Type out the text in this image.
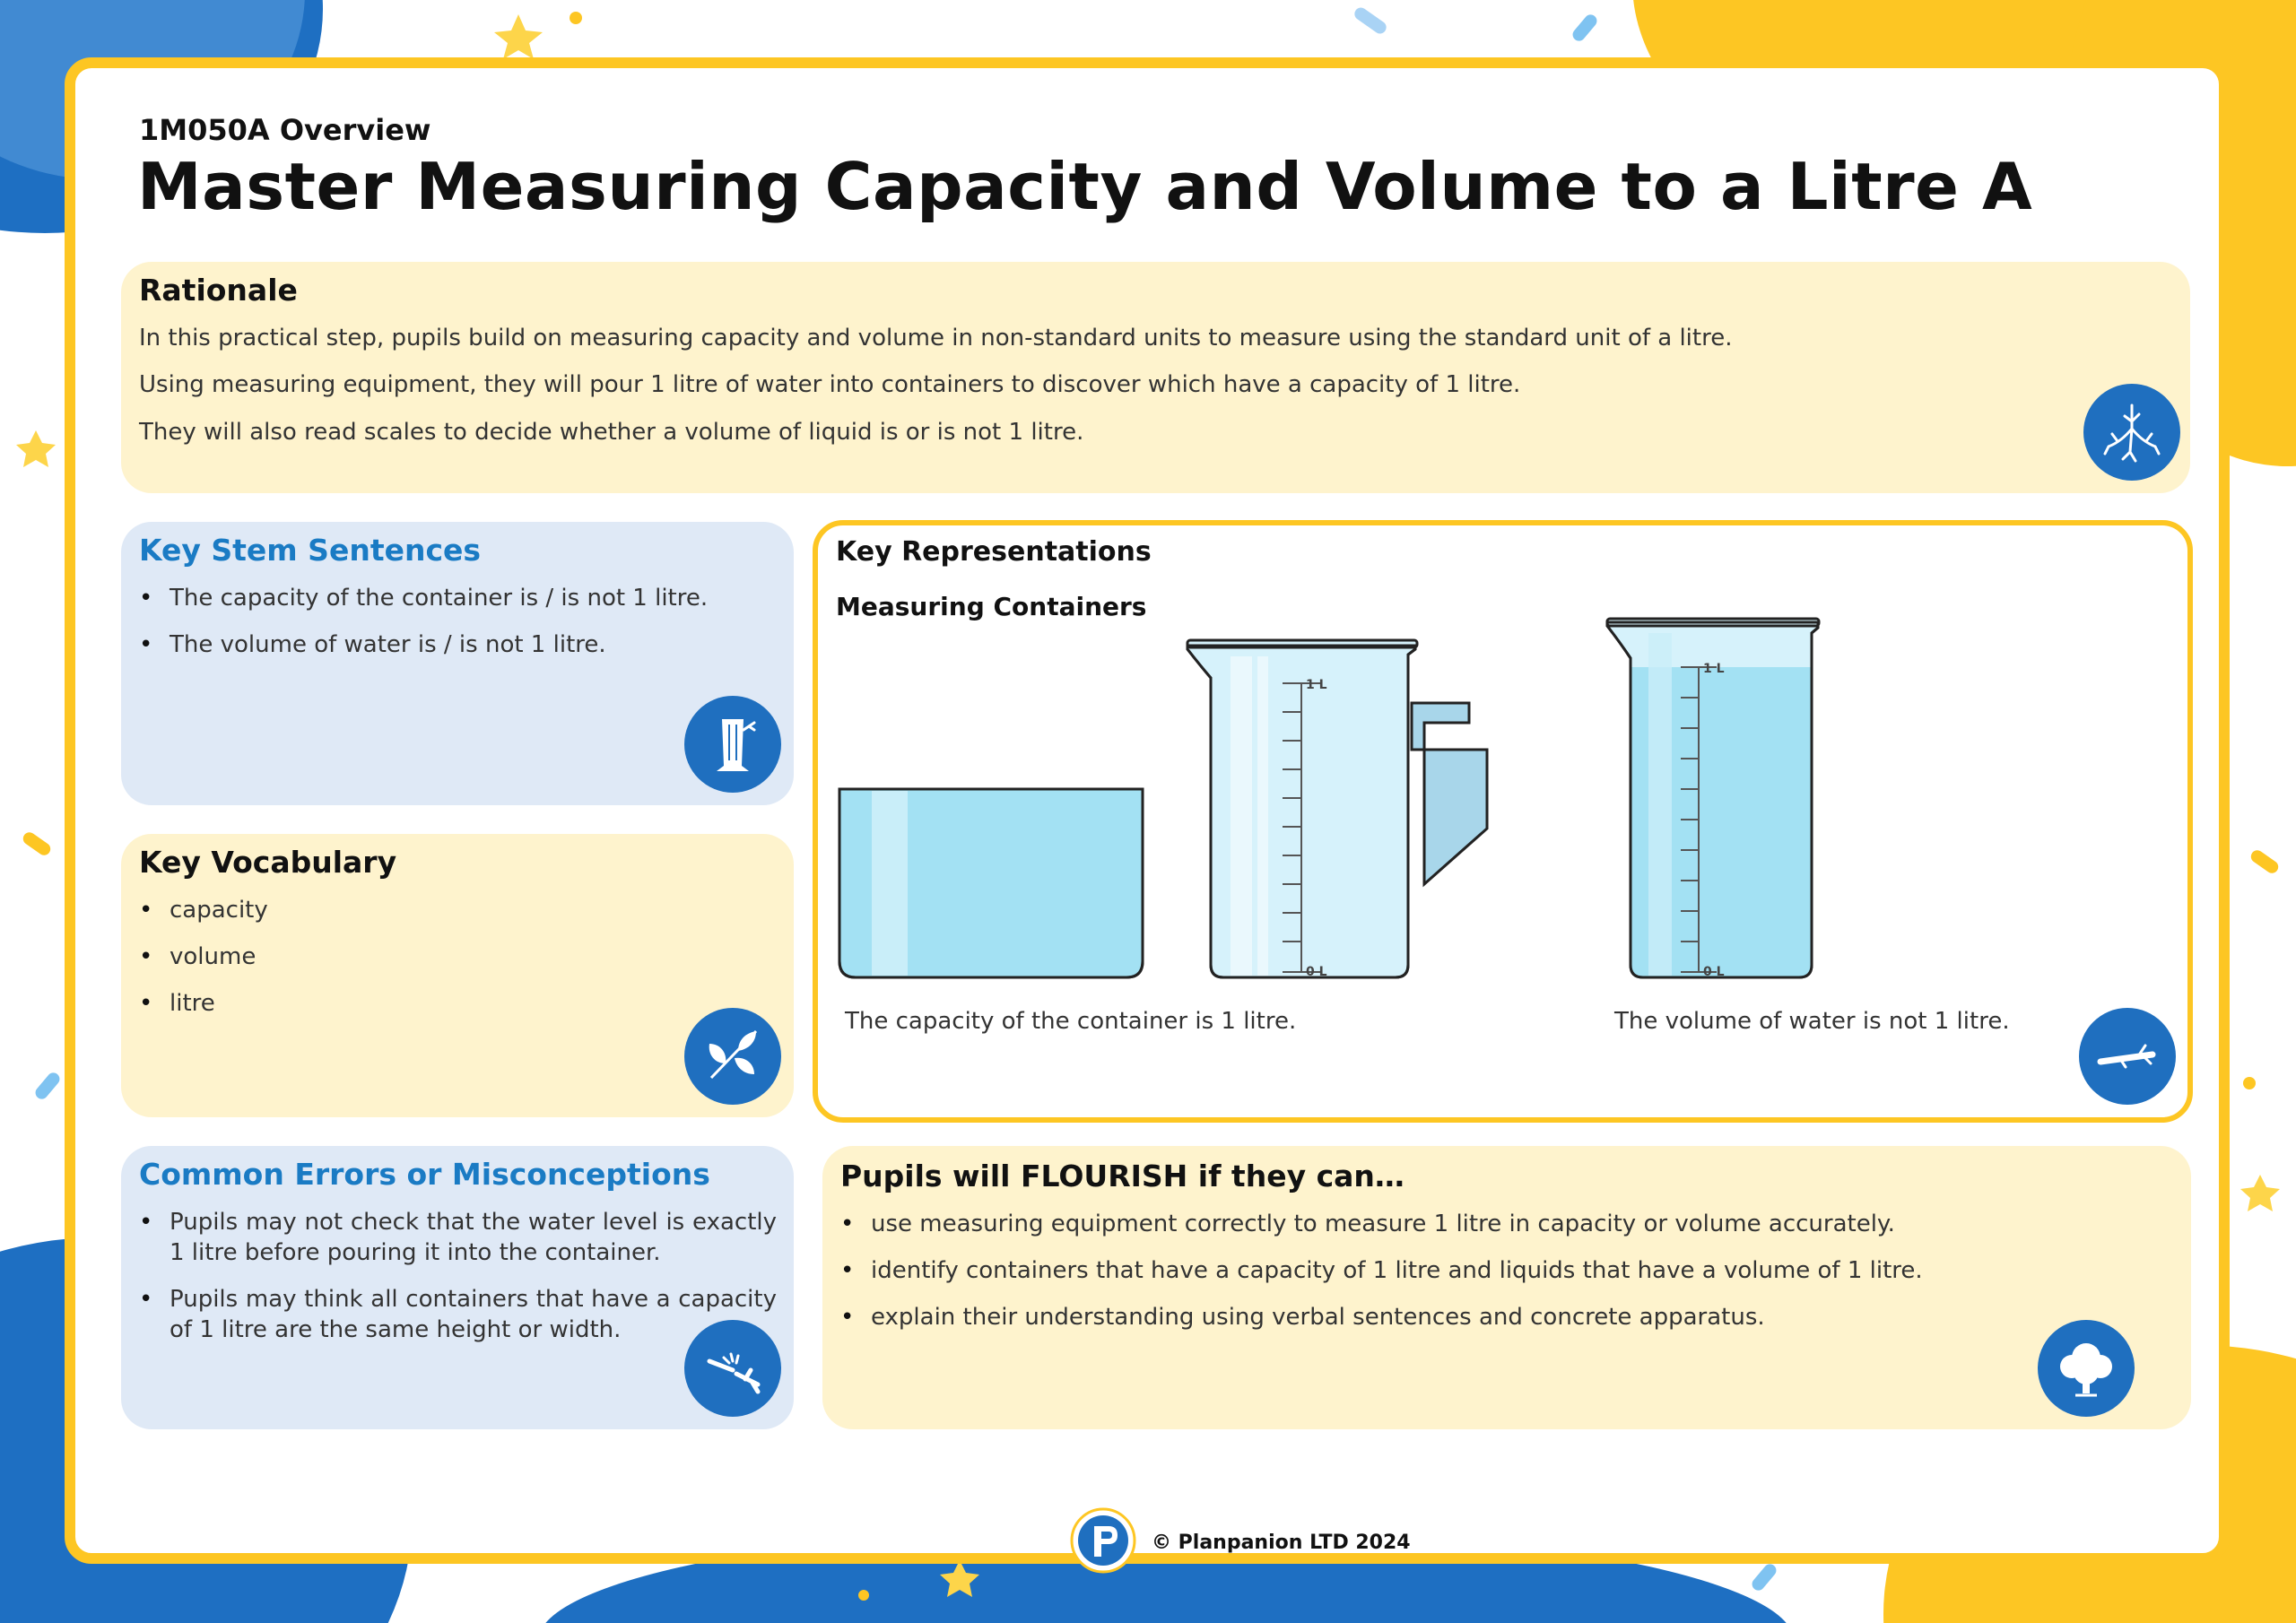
1M050A Overview

Master Measuring Capacity and Volume to a Litre A
Rationale

In this practical step, pupils build on measuring capacity and volume in non-standard units to measure using the standard unit of a litre.

Using measuring equipment, they will pour 1 litre of water into containers to discover which have a capacity of 1 litre.

They will also read scales to decide whether a volume of liquid is or is not 1 litre.

Key Stem Sentences
• The capacity of the container is / is not 1 litre.
• The volume of water is / is not 1 litre.
Key Vocabulary
• capacity
• volume
• litre
Common Errors or Misconceptions
• Pupils may not check that the water level is exactly 1 litre before pouring it into the container.
• Pupils may think all containers that have a capacity of 1 litre are the same height or width.
Key Representations
Measuring Containers
1 L
0 L
1 L
0 L

The capacity of the container is 1 litre.	The volume of water is not 1 litre.

Pupils will FLOURISH if they can…
• use measuring equipment correctly to measure 1 litre in capacity or volume accurately.
• identify containers that have a capacity of 1 litre and liquids that have a volume of 1 litre.
• explain their understanding using verbal sentences and concrete apparatus.

© Planpanion LTD 2024
